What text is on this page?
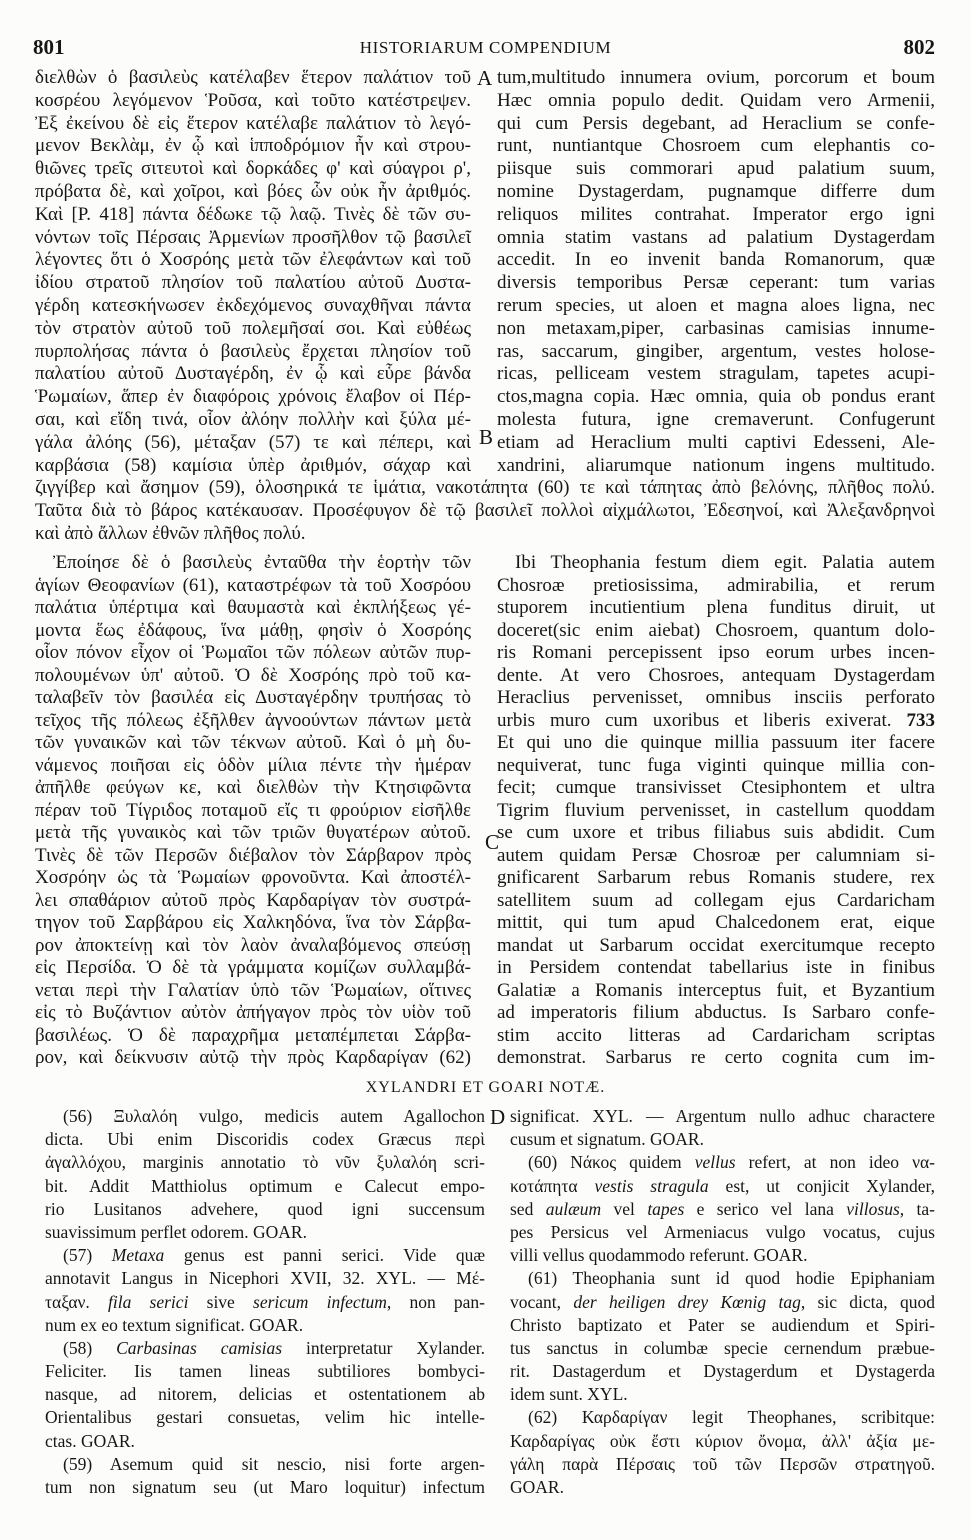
801	HISTORIARUM COMPENDIUM	802
διελθὼν ὁ βασιλεὺς κατέλαβεν ἕτερον παλάτιον τοῦ
κοσρέου λεγόμενον Ῥοῦσα, καὶ τοῦτο κατέστρεψεν.
Ἐξ ἐκείνου δὲ εἰς ἕτερον κατέλαβε παλάτιον τὸ λεγό-
μενον Βεκλὰμ, ἐν ᾧ καὶ ἱπποδρόμιον ἦν καὶ στρου-
θιῶνες τρεῖς σιτευτοὶ καὶ δορκάδες φ' καὶ σύαγροι ρ',
πρόβατα δὲ, καὶ χοῖροι, καὶ βόες ὧν οὐκ ἦν ἀριθμός.
Καὶ [P. 418] πάντα δέδωκε τῷ λαῷ. Τινὲς δὲ τῶν συ-
νόντων τοῖς Πέρσαις Ἀρμενίων προσῆλθον τῷ βασιλεῖ
λέγοντες ὅτι ὁ Χοσρόης μετὰ τῶν ἐλεφάντων καὶ τοῦ
ἰδίου στρατοῦ πλησίον τοῦ παλατίου αὐτοῦ Δυστα-
γέρδη κατεσκήνωσεν ἐκδεχόμενος συναχθῆναι πάντα
τὸν στρατὸν αὐτοῦ τοῦ πολεμῆσαί σοι. Καὶ εὐθέως
πυρπολήσας πάντα ὁ βασιλεὺς ἔρχεται πλησίον τοῦ
παλατίου αὐτοῦ Δυσταγέρδη, ἐν ᾧ καὶ εὗρε βάνδα
Ῥωμαίων, ἅπερ ἐν διαφόροις χρόνοις ἔλαβον οἱ Πέρ-
σαι, καὶ εἴδη τινά, οἷον ἀλόην πολλὴν καὶ ξύλα μέ-
γάλα ἀλόης (56), μέταξαν (57) τε καὶ πέπερι, καὶ
καρβάσια (58) καμίσια ὑπὲρ ἀριθμόν, σάχαρ καὶ
tum,multitudo innumera ovium, porcorum et boum
Hæc omnia populo dedit. Quidam vero Armenii,
qui cum Persis degebant, ad Heraclium se confe-
runt, nuntiantque Chosroem cum elephantis co-
piisque suis commorari apud palatium suum,
nomine Dystagerdam, pugnamque differre dum
reliquos milites contrahat. Imperator ergo igni
omnia statim vastans ad palatium Dystagerdam
accedit. In eo invenit banda Romanorum, quæ
diversis temporibus Persæ ceperant: tum varias
rerum species, ut aloen et magna aloes ligna, nec
non metaxam,piper, carbasinas camisias innume-
ras, saccarum, gingiber, argentum, vestes holose-
ricas, pelliceam vestem stragulam, tapetes acupi-
ctos,magna copia. Hæc omnia, quia ob pondus erant
molesta futura, igne cremaverunt. Confugerunt
etiam ad Heraclium multi captivi Edesseni, Ale-
xandrini, aliarumque nationum ingens multitudo.
ζιγγίβερ καὶ ἄσημον (59), ὁλοσηρικά τε ἱμάτια, νακοτάπητα (60) τε καὶ τάπητας ἀπὸ βελόνης, πλῆθος πολύ.
Ταῦτα διὰ τὸ βάρος κατέκαυσαν. Προσέφυγον δὲ τῷ βασιλεῖ πολλοὶ αἰχμάλωτοι, Ἐδεσηνοί, καὶ Ἀλεξανδρηνοὶ
καὶ ἀπὸ ἄλλων ἐθνῶν πλῆθος πολύ.
A
B
Ἐποίησε δὲ ὁ βασιλεὺς ἐνταῦθα τὴν ἑορτὴν τῶν
ἁγίων Θεοφανίων (61), καταστρέφων τὰ τοῦ Χοσρόου
παλάτια ὑπέρτιμα καὶ θαυμαστὰ καὶ ἐκπλήξεως γέ-
μοντα ἕως ἐδάφους, ἵνα μάθῃ, φησὶν ὁ Χοσρόης
οἷον πόνον εἶχον οἱ Ῥωμαῖοι τῶν πόλεων αὐτῶν πυρ-
πολουμένων ὑπ' αὐτοῦ. Ὁ δὲ Χοσρόης πρὸ τοῦ κα-
ταλαβεῖν τὸν βασιλέα εἰς Δυσταγέρδην τρυπήσας τὸ
τεῖχος τῆς πόλεως ἐξῆλθεν ἀγνοούντων πάντων μετὰ
τῶν γυναικῶν καὶ τῶν τέκνων αὐτοῦ. Καὶ ὁ μὴ δυ-
νάμενος ποιῆσαι εἰς ὁδὸν μίλια πέντε τὴν ἡμέραν
ἀπῆλθε φεύγων κε, καὶ διελθὼν τὴν Κτησιφῶντα
πέραν τοῦ Τίγριδος ποταμοῦ εἴς τι φρούριον εἰσῆλθε
μετὰ τῆς γυναικὸς καὶ τῶν τριῶν θυγατέρων αὐτοῦ.
Τινὲς δὲ τῶν Περσῶν διέβαλον τὸν Σάρβαρον πρὸς
Χοσρόην ὡς τὰ Ῥωμαίων φρονοῦντα. Καὶ ἀποστέλ-
λει σπαθάριον αὐτοῦ πρὸς Καρδαρίγαν τὸν συστρά-
τηγον τοῦ Σαρβάρου εἰς Χαλκηδόνα, ἵνα τὸν Σάρβα-
ρον ἀποκτείνῃ καὶ τὸν λαὸν ἀναλαβόμενος σπεύσῃ
εἰς Περσίδα. Ὁ δὲ τὰ γράμματα κομίζων συλλαμβά-
νεται περὶ τὴν Γαλατίαν ὑπὸ τῶν Ῥωμαίων, οἵτινες
εἰς τὸ Βυζάντιον αὐτὸν ἀπήγαγον πρὸς τὸν υἱὸν τοῦ
βασιλέως. Ὁ δὲ παραχρῆμα μεταπέμπεται Σάρβα-
ρον, καὶ δείκνυσιν αὐτῷ τὴν πρὸς Καρδαρίγαν (62)
Ibi Theophania festum diem egit. Palatia autem
Chosroæ pretiosissima, admirabilia, et rerum
stuporem incutientium plena funditus diruit, ut
doceret(sic enim aiebat) Chosroem, quantum dolo-
ris Romani percepissent ipso eorum urbes incen-
dente. At vero Chosroes, antequam Dystagerdam
Heraclius pervenisset, omnibus insciis perforato
urbis muro cum uxoribus et liberis exiverat. 733
Et qui uno die quinque millia passuum iter facere
nequiverat, tunc fuga viginti quinque millia con-
fecit; cumque transivisset Ctesiphontem et ultra
Tigrim fluvium pervenisset, in castellum quoddam
se cum uxore et tribus filiabus suis abdidit. Cum
autem quidam Persæ Chosroæ per calumniam si-
gnificarent Sarbarum rebus Romanis studere, rex
satellitem suum ad collegam ejus Cardaricham
mittit, qui tum apud Chalcedonem erat, eique
mandat ut Sarbarum occidat exercitumque recepto
in Persidem contendat tabellarius iste in finibus
Galatiæ a Romanis interceptus fuit, et Byzantium
ad imperatoris filium abductus. Is Sarbaro confe-
stim accito litteras ad Cardaricham scriptas
demonstrat. Sarbarus re certo cognita cum im-
C
XYLANDRI ET GOARI NOTÆ.
(56) Ξυλαλόη vulgo, medicis autem Agallochon
dicta. Ubi enim Discoridis codex Græcus περὶ
ἀγαλλόχου, marginis annotatio τὸ νῦν ξυλαλόη scri-
bit. Addit Matthiolus optimum e Calecut empo-
rio Lusitanos advehere, quod igni succensum
suavissimum perflet odorem. GOAR.
(57) Metaxa genus est panni serici. Vide quæ
annotavit Langus in Nicephori XVII, 32. XYL. — Μέ-
ταξαν. fila serici sive sericum infectum, non pan-
num ex eo textum significat. GOAR.
(58) Carbasinas camisias interpretatur Xylander.
Feliciter. Iis tamen lineas subtiliores bombyci-
nasque, ad nitorem, delicias et ostentationem ab
Orientalibus gestari consuetas, velim hic intelle-
ctas. GOAR.
(59) Asemum quid sit nescio, nisi forte argen-
tum non signatum seu (ut Maro loquitur) infectum
significat. XYL. — Argentum nullo adhuc charactere
cusum et signatum. GOAR.
(60) Νάκος quidem vellus refert, at non ideo να-
κοτάπητα vestis stragula est, ut conjicit Xylander,
sed aulæum vel tapes e serico vel lana villosus, ta-
pes Persicus vel Armeniacus vulgo vocatus, cujus
villi vellus quodammodo referunt. GOAR.
(61) Theophania sunt id quod hodie Epiphaniam
vocant, der heiligen drey Kœnig tag, sic dicta, quod
Christo baptizato et Pater se audiendum et Spiri-
tus sanctus in columbæ specie cernendum præbue-
rit. Dastagerdum et Dystagerdum et Dystagerda
idem sunt. XYL.
(62) Καρδαρίγαν legit Theophanes, scribitque:
Καρδαρίγας οὐκ ἔστι κύριον ὄνομα, ἀλλ' ἀξία με-
γάλη παρὰ Πέρσαις τοῦ τῶν Περσῶν στρατηγοῦ.
GOAR.
D
